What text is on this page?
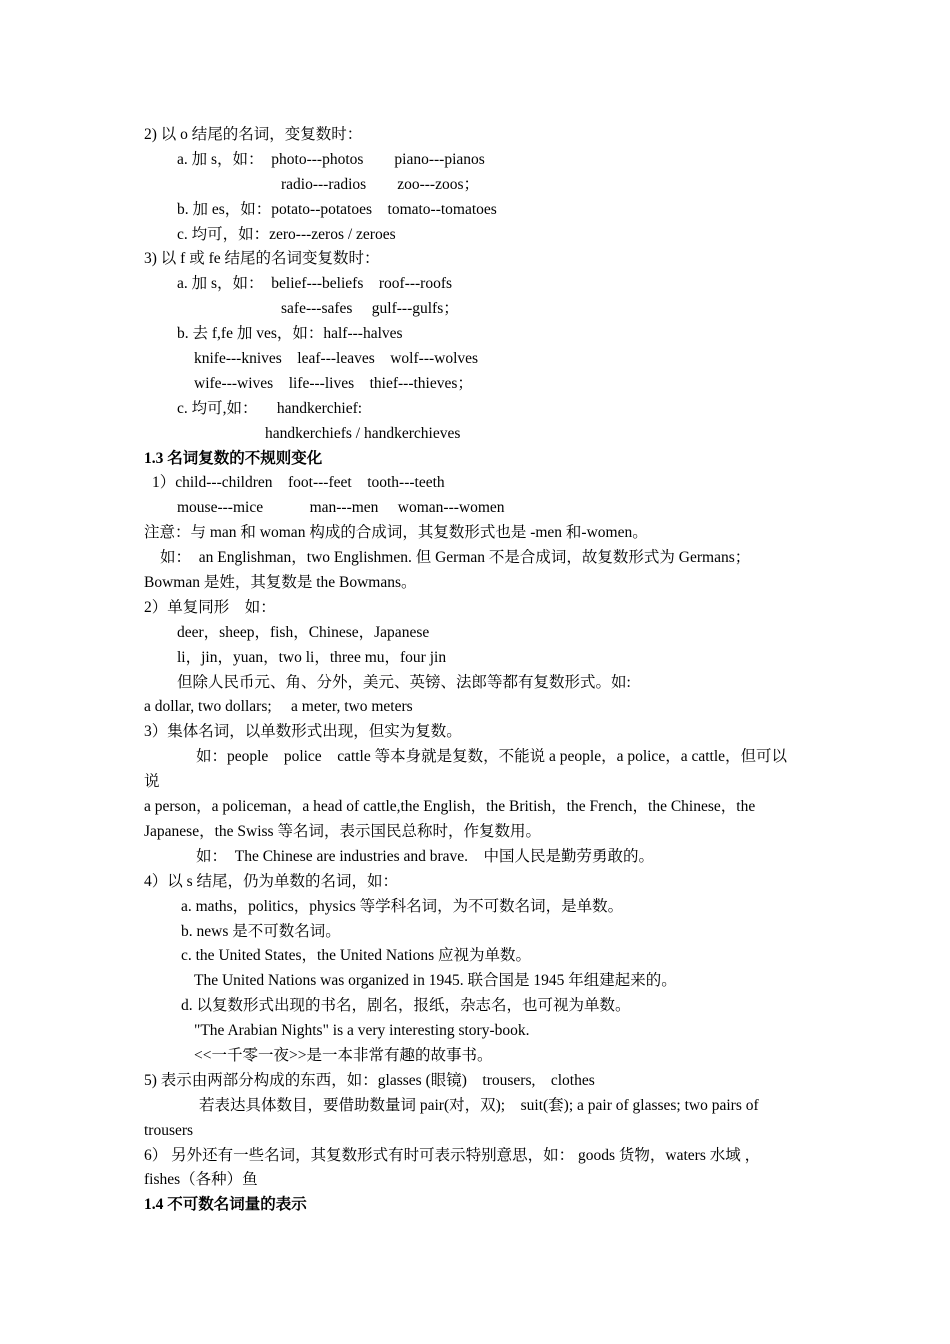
2) 以 o 结尾的名词，变复数时：
a. 加 s，如：  photo---photos        piano---pianos
radio---radios        zoo---zoos；
b. 加 es，如：potato--potatoes    tomato--tomatoes
c. 均可，如：zero---zeros / zeroes
3) 以 f 或 fe 结尾的名词变复数时：
a. 加 s，如：  belief---beliefs    roof---roofs
safe---safes     gulf---gulfs；
b. 去 f,fe 加 ves，如：half---halves
knife---knives    leaf---leaves    wolf---wolves
wife---wives    life---lives    thief---thieves；
c. 均可,如：     handkerchief:
handkerchiefs / handkerchieves
1.3 名词复数的不规则变化
1）child---children    foot---feet    tooth---teeth
mouse---mice            man---men     woman---women
注意：与 man 和 woman 构成的合成词，其复数形式也是 -men 和-women。
如：  an Englishman，two Englishmen. 但 German 不是合成词，故复数形式为 Germans；
Bowman 是姓，其复数是 the Bowmans。
2）单复同形    如：
deer，sheep，fish，Chinese，Japanese
li，jin，yuan，two li，three mu，four jin
但除人民币元、角、分外，美元、英镑、法郎等都有复数形式。如:
a dollar, two dollars;     a meter, two meters
3）集体名词，以单数形式出现，但实为复数。
如：people    police    cattle 等本身就是复数，不能说 a people，a police，a cattle，但可以
说
a person，a policeman，a head of cattle,the English，the British，the French，the Chinese，the
Japanese，the Swiss 等名词，表示国民总称时，作复数用。
如：  The Chinese are industries and brave.    中国人民是勤劳勇敢的。
4）以 s 结尾，仍为单数的名词，如：
a. maths，politics，physics 等学科名词，为不可数名词，是单数。
b. news 是不可数名词。
c. the United States，the United Nations 应视为单数。
The United Nations was organized in 1945. 联合国是 1945 年组建起来的。
d. 以复数形式出现的书名，剧名，报纸，杂志名，也可视为单数。
"The Arabian Nights" is a very interesting story-book.
<<一千零一夜>>是一本非常有趣的故事书。
5) 表示由两部分构成的东西，如：glasses (眼镜)    trousers,    clothes
若表达具体数目，要借助数量词 pair(对，双);    suit(套); a pair of glasses; two pairs of
trousers
6） 另外还有一些名词，其复数形式有时可表示特别意思，如： goods 货物，waters 水域 ，
fishes（各种）鱼
1.4 不可数名词量的表示
